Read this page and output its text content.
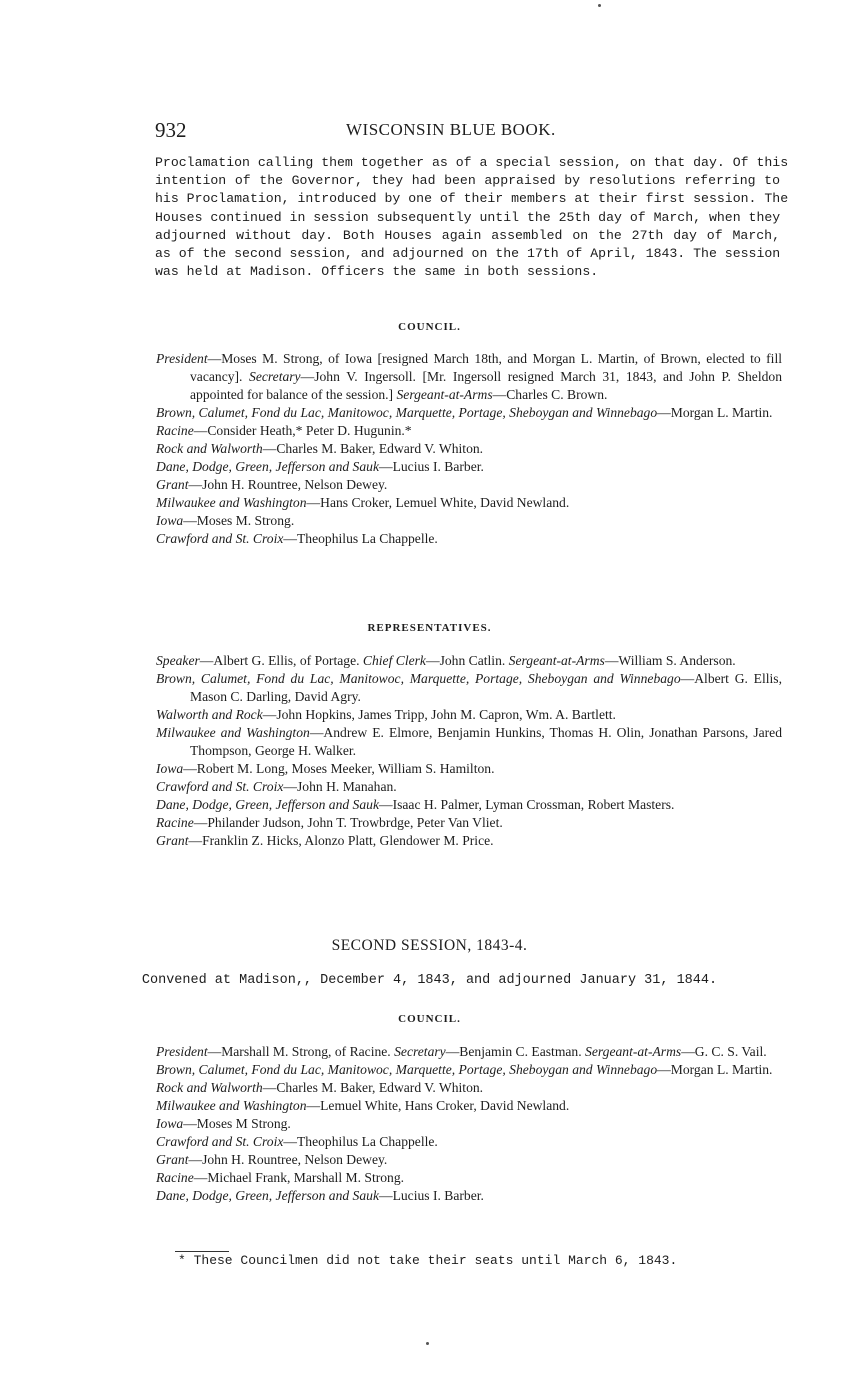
932	WISCONSIN BLUE BOOK.
Proclamation calling them together as of a special session, on that day. Of this
intention of the Governor, they had been appraised by resolutions referring to
his Proclamation, introduced by one of their members at their first session. The
Houses continued in session subsequently until the 25th day of March, when they
adjourned without day. Both Houses again assembled on the 27th day of March,
as of the second session, and adjourned on the 17th of April, 1843. The session
was held at Madison. Officers the same in both sessions.
COUNCIL.
President—Moses M. Strong, of Iowa [resigned March 18th, and Morgan L. Martin, of Brown, elected to fill vacancy]. Secretary—John V. Ingersoll. [Mr. Ingersoll resigned March 31, 1843, and John P. Sheldon appointed for balance of the session.] Sergeant-at-Arms—Charles C. Brown.
Brown, Calumet, Fond du Lac, Manitowoc, Marquette, Portage, Sheboygan and Winnebago—Morgan L. Martin.
Racine—Consider Heath,* Peter D. Hugunin.*
Rock and Walworth—Charles M. Baker, Edward V. Whiton.
Dane, Dodge, Green, Jefferson and Sauk—Lucius I. Barber.
Grant—John H. Rountree, Nelson Dewey.
Milwaukee and Washington—Hans Croker, Lemuel White, David Newland.
Iowa—Moses M. Strong.
Crawford and St. Croix—Theophilus La Chappelle.
REPRESENTATIVES.
Speaker—Albert G. Ellis, of Portage. Chief Clerk—John Catlin. Sergeant-at-Arms—William S. Anderson.
Brown, Calumet, Fond du Lac, Manitowoc, Marquette, Portage, Sheboygan and Winnebago—Albert G. Ellis, Mason C. Darling, David Agry.
Walworth and Rock—John Hopkins, James Tripp, John M. Capron, Wm. A. Bartlett.
Milwaukee and Washington—Andrew E. Elmore, Benjamin Hunkins, Thomas H. Olin, Jonathan Parsons, Jared Thompson, George H. Walker.
Iowa—Robert M. Long, Moses Meeker, William S. Hamilton.
Crawford and St. Croix—John H. Manahan.
Dane, Dodge, Green, Jefferson and Sauk—Isaac H. Palmer, Lyman Crossman, Robert Masters.
Racine—Philander Judson, John T. Trowbrdge, Peter Van Vliet.
Grant—Franklin Z. Hicks, Alonzo Platt, Glendower M. Price.
SECOND SESSION, 1843-4.
Convened at Madison,, December 4, 1843, and adjourned January 31, 1844.
COUNCIL.
President—Marshall M. Strong, of Racine. Secretary—Benjamin C. Eastman. Sergeant-at-Arms—G. C. S. Vail.
Brown, Calumet, Fond du Lac, Manitowoc, Marquette, Portage, Sheboygan and Winnebago—Morgan L. Martin.
Rock and Walworth—Charles M. Baker, Edward V. Whiton.
Milwaukee and Washington—Lemuel White, Hans Croker, David Newland.
Iowa—Moses M Strong.
Crawford and St. Croix—Theophilus La Chappelle.
Grant—John H. Rountree, Nelson Dewey.
Racine—Michael Frank, Marshall M. Strong.
Dane, Dodge, Green, Jefferson and Sauk—Lucius I. Barber.
* These Councilmen did not take their seats until March 6, 1843.
